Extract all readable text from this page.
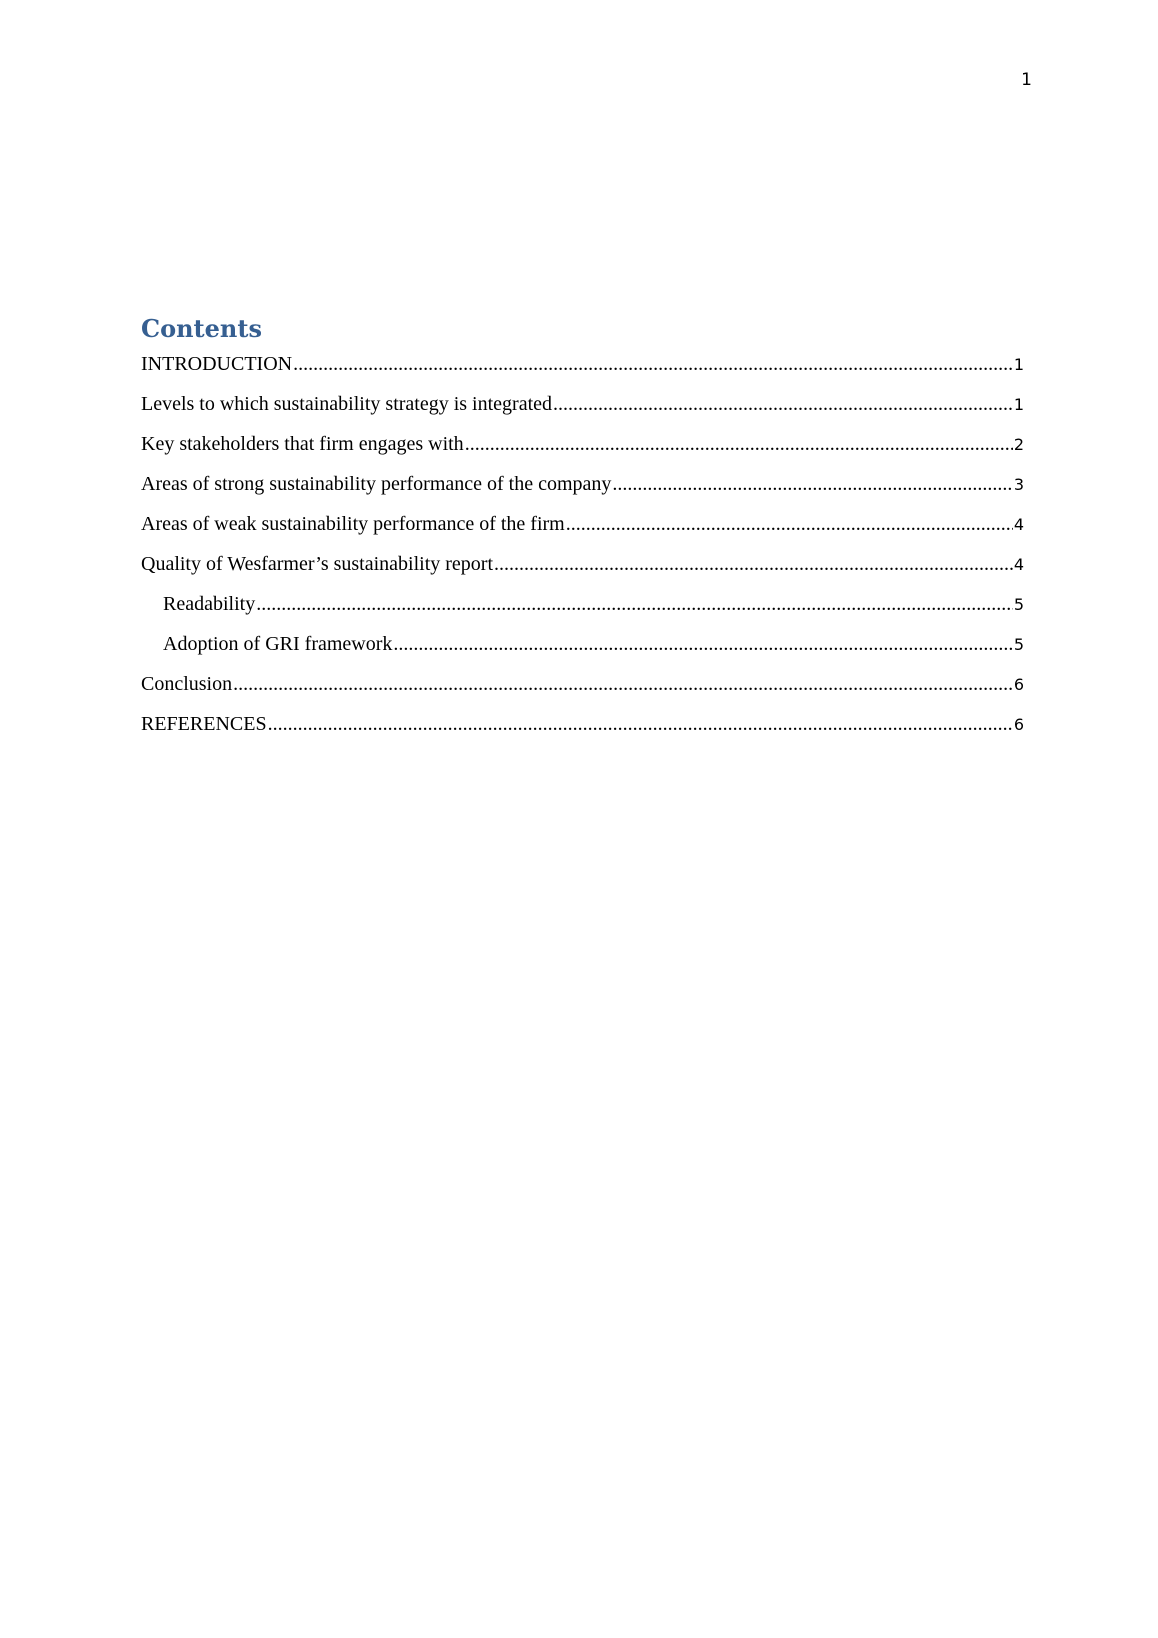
1
Contents
INTRODUCTION .....	1
Levels to which sustainability strategy is integrated .....	1
Key stakeholders that firm engages with .....	2
Areas of strong sustainability performance of the company .....	3
Areas of weak sustainability performance of the firm .....	4
Quality of Wesfarmer’s sustainability report .....	4
Readability .....	5
Adoption of GRI framework .....	5
Conclusion .....	6
REFERENCES .....	6
